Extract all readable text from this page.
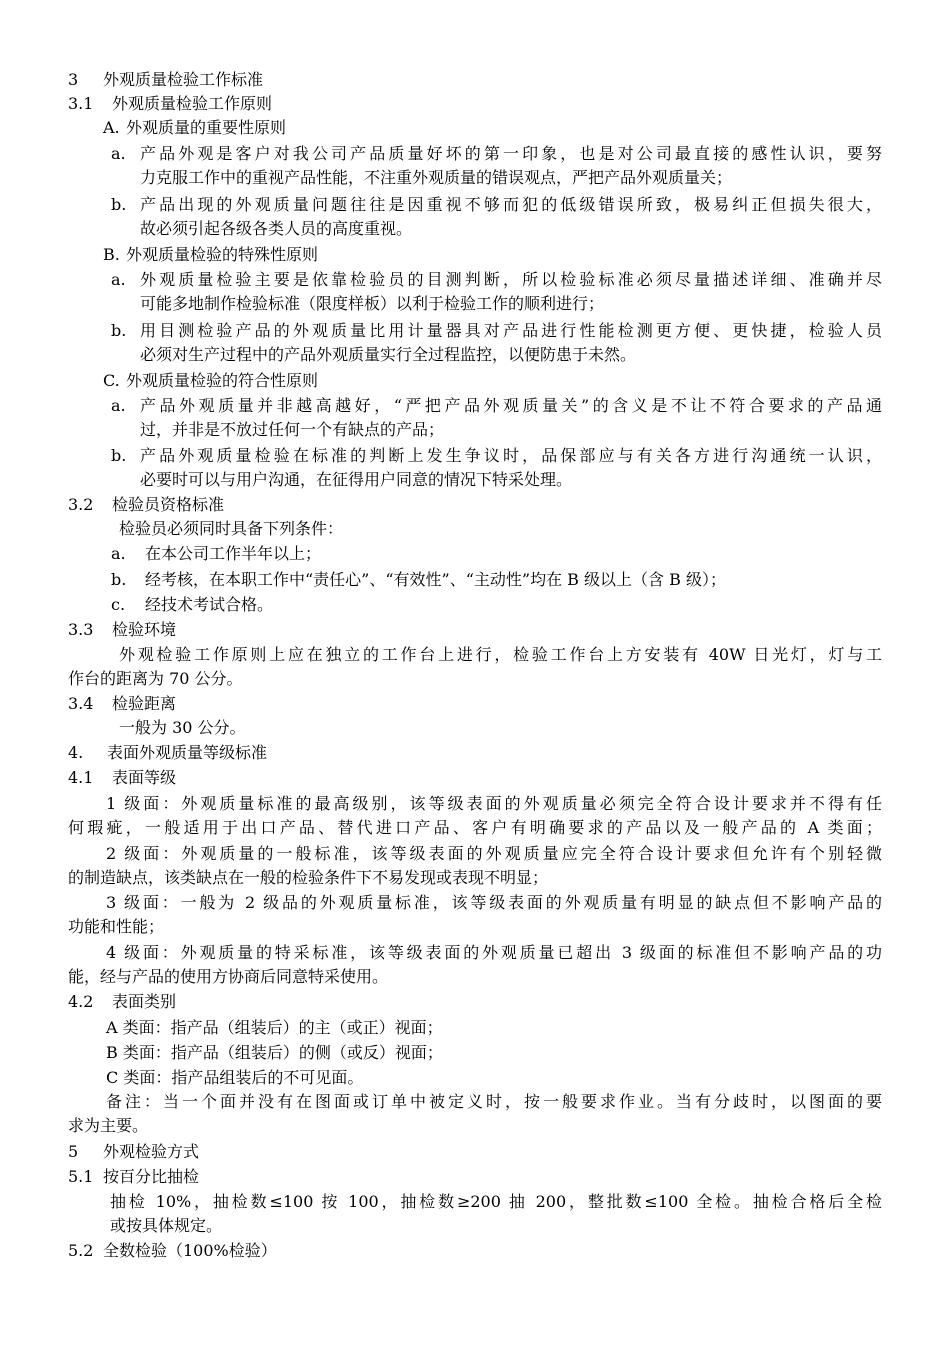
3 外观质量检验工作标准
3.1 外观质量检验工作原则
A. 外观质量的重要性原则
a. 产品外观是客户对我公司产品质量好坏的第一印象，也是对公司最直接的感性认识，要努
力克服工作中的重视产品性能，不注重外观质量的错误观点，严把产品外观质量关；
b. 产品出现的外观质量问题往往是因重视不够而犯的低级错误所致，极易纠正但损失很大，
故必须引起各级各类人员的高度重视。
B. 外观质量检验的特殊性原则
a. 外观质量检验主要是依靠检验员的目测判断，所以检验标准必须尽量描述详细、准确并尽
可能多地制作检验标准（限度样板）以利于检验工作的顺利进行；
b. 用目测检验产品的外观质量比用计量器具对产品进行性能检测更方便、更快捷，检验人员
必须对生产过程中的产品外观质量实行全过程监控，以便防患于未然。
C. 外观质量检验的符合性原则
a. 产品外观质量并非越高越好，“严把产品外观质量关”的含义是不让不符合要求的产品通
过，并非是不放过任何一个有缺点的产品；
b. 产品外观质量检验在标准的判断上发生争议时，品保部应与有关各方进行沟通统一认识，
必要时可以与用户沟通，在征得用户同意的情况下特采处理。
3.2 检验员资格标准
检验员必须同时具备下列条件：
a. 在本公司工作半年以上；
b. 经考核，在本职工作中“责任心”、“有效性”、“主动性”均在 B 级以上（含 B 级）；
c. 经技术考试合格。
3.3 检验环境
外观检验工作原则上应在独立的工作台上进行，检验工作台上方安装有 40W 日光灯，灯与工
作台的距离为 70 公分。
3.4 检验距离
一般为 30 公分。
4. 表面外观质量等级标准
4.1 表面等级
1 级面：外观质量标准的最高级别，该等级表面的外观质量必须完全符合设计要求并不得有任
何瑕疵，一般适用于出口产品、替代进口产品、客户有明确要求的产品以及一般产品的 A 类面；
2 级面：外观质量的一般标准，该等级表面的外观质量应完全符合设计要求但允许有个别轻微
的制造缺点，该类缺点在一般的检验条件下不易发现或表现不明显；
3 级面：一般为 2 级品的外观质量标准，该等级表面的外观质量有明显的缺点但不影响产品的
功能和性能；
4 级面：外观质量的特采标准，该等级表面的外观质量已超出 3 级面的标准但不影响产品的功
能，经与产品的使用方协商后同意特采使用。
4.2 表面类别
A 类面：指产品（组装后）的主（或正）视面；
B 类面：指产品（组装后）的侧（或反）视面；
C 类面：指产品组装后的不可见面。
备注：当一个面并没有在图面或订单中被定义时，按一般要求作业。当有分歧时，以图面的要
求为主要。
5 外观检验方式
5.1 按百分比抽检
抽检 10%，抽检数≤100 按 100，抽检数≥200 抽 200，整批数≤100 全检。抽检合格后全检
或按具体规定。
5.2 全数检验（100%检验）
